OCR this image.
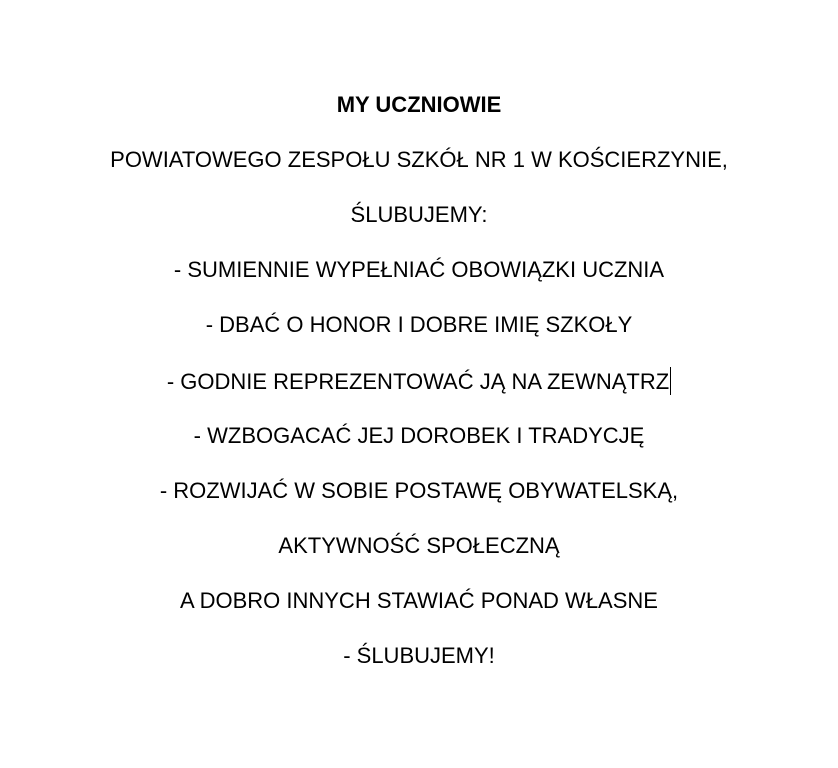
MY UCZNIOWIE
POWIATOWEGO ZESPOŁU SZKÓŁ NR 1 W KOŚCIERZYNIE,
ŚLUBUJEMY:
- SUMIENNIE WYPEŁNIAĆ OBOWIĄZKI UCZNIA
- DBAĆ O HONOR I DOBRE IMIĘ SZKOŁY
- GODNIE REPREZENTOWAĆ JĄ NA ZEWNĄTRZ
- WZBOGACAĆ JEJ DOROBEK I TRADYCJĘ
- ROZWIJAĆ W SOBIE POSTAWĘ OBYWATELSKĄ,
AKTYWNOŚĆ SPOŁECZNĄ
A DOBRO INNYCH STAWIAĆ PONAD WŁASNE
- ŚLUBUJEMY!
